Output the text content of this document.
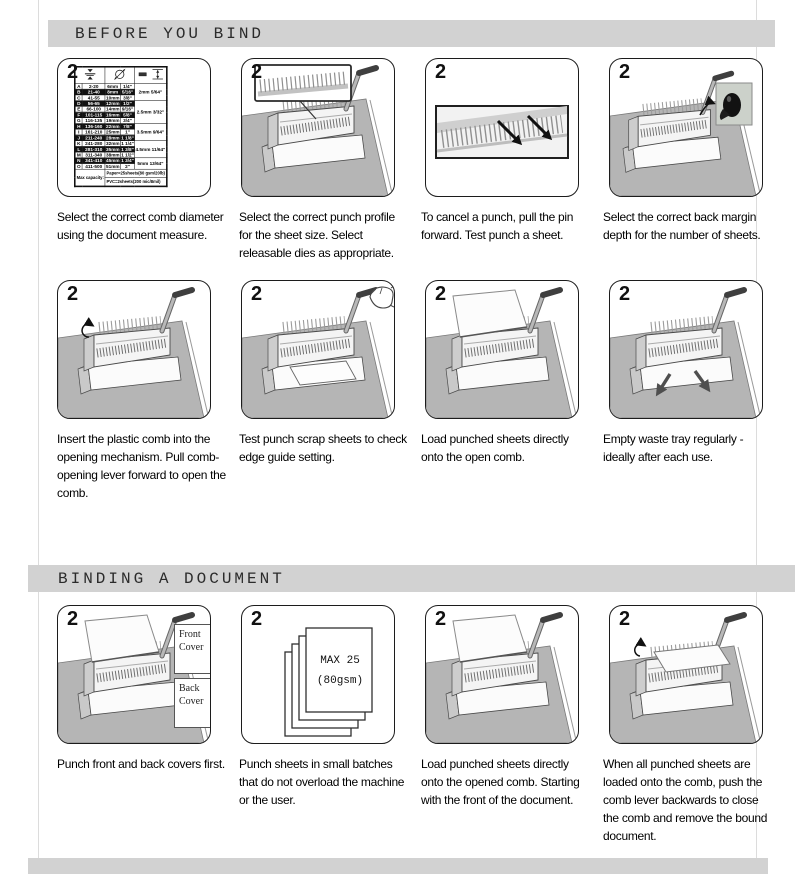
BEFORE YOU BIND
2

A	2-20	6mm	1/4"	2mm 5/64"
B	21-40	8mm	5/16"	
C	41-55	10mm	3/8"	
D	56-65	12mm	1/2"	2.5mm 3/32"
E	66-100	14mm	9/16"	
F	101-115	16mm	5/8"	
G	116-135	19mm	3/4"	
H	136-160	22mm	7/8"	3.5mm 9/64"
I	161-210	25mm	1"	
J	211-240	28mm	1 1/8"	
K	241-280	32mm	1 1/4"	4.5mm 11/64"
L	281-310	35mm	1 3/8"	
M	311-340	38mm	1 1/2"	
N	341-410	45mm	1 3/4"	5mm 13/64"
O	411-500	51mm	2"	
Max capacity:		Paper=25sheets(80 gsm/20lb)		
		PVC=2sheets(200 mic/8mil)		
2	2	2
Select the correct comb diameter using the document measure.
Select the correct punch profile for the sheet size. Select releasable dies as appropriate.
To cancel a punch, pull the pin forward. Test punch a sheet.
Select the correct back margin depth for the number of sheets.
2	2	2	2
Insert the plastic comb into the opening mechanism. Pull comb-opening lever forward to open the comb.
Test punch scrap sheets to check edge guide setting.
Load punched sheets directly onto the open comb.
Empty waste tray regularly - ideally after each use.
BINDING A DOCUMENT
2
Front
Cover
Back
Cover
2
MAX 25
(80gsm)
2	2
Punch front and back covers first. Punch sheets in small batches that do not overload the machine or the user.
Load punched sheets directly onto the opened comb. Starting with the front of the document.
When all punched sheets are loaded onto the comb, push the comb lever backwards to close the comb and remove the bound document.
